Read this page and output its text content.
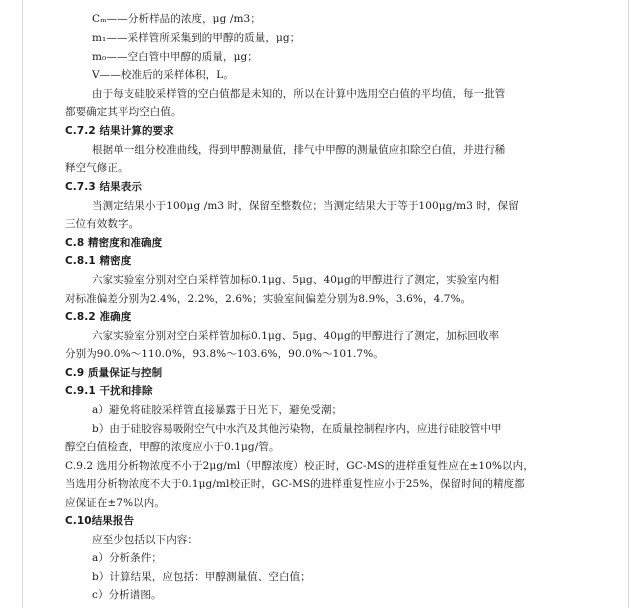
Cₘ——分析样品的浓度，μg /m3；
m₁——采样管所采集到的甲醇的质量，μg；
m₀——空白管中甲醇的质量，μg；
V——校准后的采样体积，L。
由于每支硅胶采样管的空白值都是未知的，所以在计算中选用空白值的平均值，每一批管
都要确定其平均空白值。
C.7.2 结果计算的要求
根据单一组分校准曲线，得到甲醇测量值，排气中甲醇的测量值应扣除空白值，并进行稀
释空气修正。
C.7.3 结果表示
当测定结果小于100μg /m3 时，保留至整数位；当测定结果大于等于100μg/m3 时，保留
三位有效数字。
C.8 精密度和准确度
C.8.1 精密度
六家实验室分别对空白采样管加标0.1μg、5μg、40μg的甲醇进行了测定，实验室内相
对标准偏差分别为2.4%，2.2%，2.6%；实验室间偏差分别为8.9%，3.6%，4.7%。
C.8.2 准确度
六家实验室分别对空白采样管加标0.1μg、5μg、40μg的甲醇进行了测定，加标回收率
分别为90.0%～110.0%，93.8%～103.6%，90.0%～101.7%。
C.9 质量保证与控制
C.9.1 干扰和排除
a）避免将硅胶采样管直接暴露于日光下，避免受潮；
b）由于硅胶容易吸附空气中水汽及其他污染物，在质量控制程序内，应进行硅胶管中甲
醇空白值检查，甲醇的浓度应小于0.1μg/管。
C.9.2 选用分析物浓度不小于2μg/ml（甲醇浓度）校正时，GC-MS的进样重复性应在±10%以内，
当选用分析物浓度不大于0.1μg/ml校正时，GC-MS的进样重复性应小于25%，保留时间的精度都
应保证在±7%以内。
C.10结果报告
应至少包括以下内容：
a）分析条件；
b）计算结果，应包括：甲醇测量值、空白值；
c）分析谱图。
